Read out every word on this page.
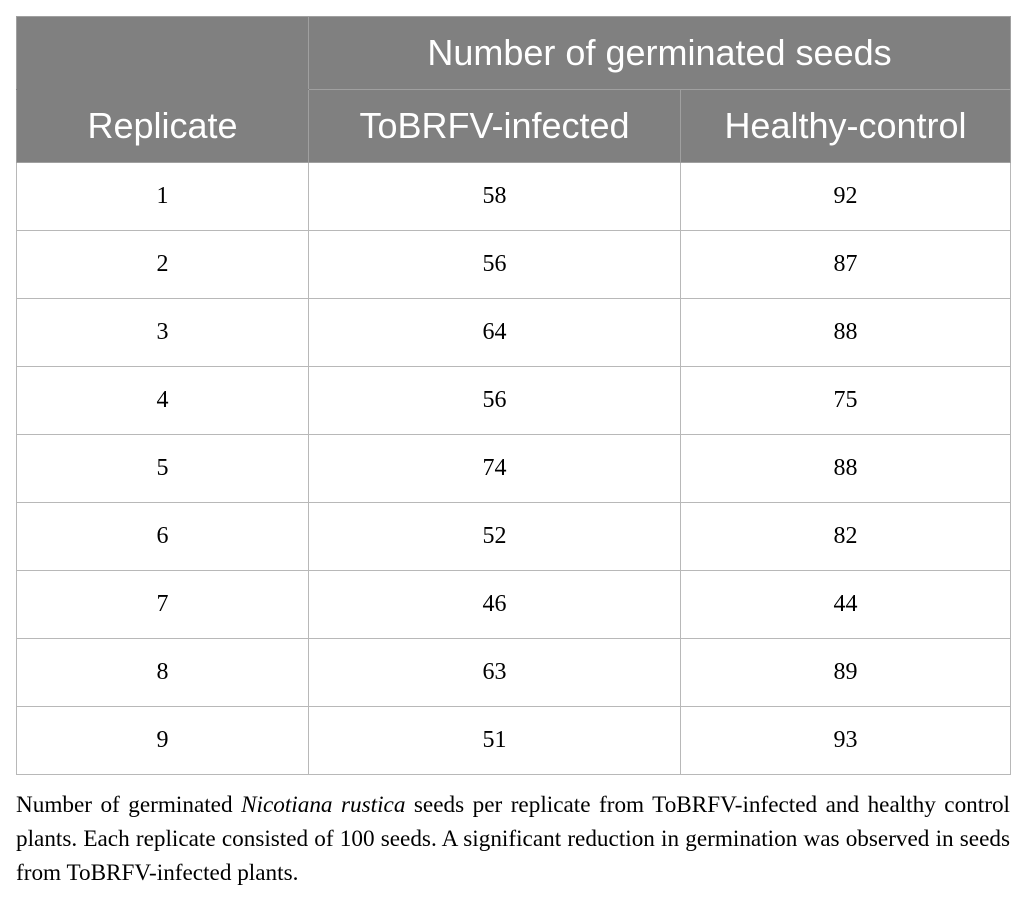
	Number of germinated seeds	
Replicate	ToBRFV-infected	Healthy-control
1	58	92
2	56	87
3	64	88
4	56	75
5	74	88
6	52	82
7	46	44
8	63	89
9	51	93

Number of germinated Nicotiana rustica seeds per replicate from ToBRFV-infected and healthy control plants. Each replicate consisted of 100 seeds. A significant reduction in germination was observed in seeds from ToBRFV-infected plants.
